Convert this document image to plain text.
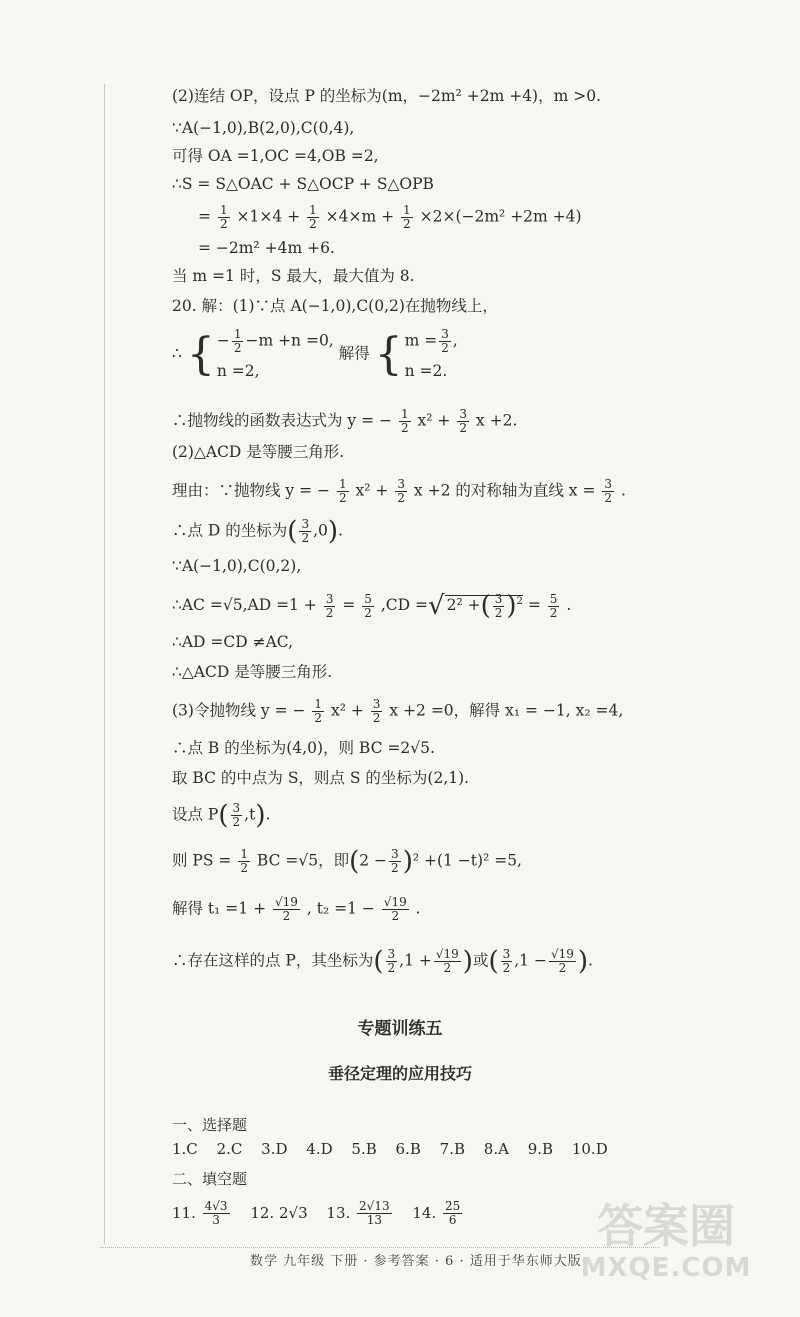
(2)连结 OP，设点 P 的坐标为(m，−2m² +2m +4)，m >0.
∵A(−1,0),B(2,0),C(0,4),
可得 OA =1,OC =4,OB =2,
∴S = S△OAC + S△OCP + S△OPB
= $\frac{1}{2} \times 1\times 4 + \frac{1}{2} \times 4\times m + \frac{1}{2} \times 2\times(-2m^2 +2m +4)$
= −2m² +4m +6.
当 m =1 时，S 最大，最大值为 8.
20. 解：(1)∵点 A(−1,0),C(0,2)在抛物线上，
∴ { − $\frac{1}{2} -m +n =0$,
n =2,
解得 { $m = \frac{3}{2}$ ,
n =2.
∴抛物线的函数表达式为 y = − $\frac{1}{2} x^2 + \frac{3}{2}$ x +2.
(2)△ACD 是等腰三角形.
理由：∵抛物线 y = − $\frac{1}{2} x^2 + \frac{3}{2}$ x +2 的对称轴为直线 $x = \frac{3}{2}$ .
∴点 D 的坐标为( $\frac{3}{2} ,0$).
∵A(−1,0),C(0,2),
∴AC $=√5,AD =1 + \frac{3}{2} = \frac{5}{2} ,CD$ =√ 2² +( $\frac{3}{2} )^2 = \frac{5}{2}$ .
∴AD =CD ≠AC,
∴△ACD 是等腰三角形.
(3)令抛物线 y = − $\frac{1}{2} x^2 + \frac{3}{2}$ x +2 =0，解得 x₁ = −1, x₂ =4,
∴点 B 的坐标为(4,0)，则 BC =2√5.
取 BC 的中点为 S，则点 S 的坐标为(2,1).
设点 $P( \frac{3}{2} ,t)$.
则 PS = $\frac{1}{2}$ BC =√5，即$(2 - \frac{3}{2} )^2 +(1 -t)^2 =5$,
解得 $t_1 =1 + \frac{√19}{2}$ , $t_2 =1 - \frac{√19}{2}$ .
∴存在这样的点 P，其坐标为( $\frac{3}{2} ,1 + \frac{√19}{2}$ )或( $\frac{3}{2} ,1 - \frac{√19}{2}$ ).
专题训练五
垂径定理的应用技巧
一、选择题
1.C 2.C 3.D 4.D 5.B 6.B 7.B 8.A 9.B 10.D
二、填空题
11. $\frac{4√3}{3} 12$. 2√3 13. $\frac{2√13}{13} 14$. $\frac{25}{6}$
数学 九年级 下册 · 参考答案 · 6 · 适用于华东师大版
答案圈
MXQE.COM
